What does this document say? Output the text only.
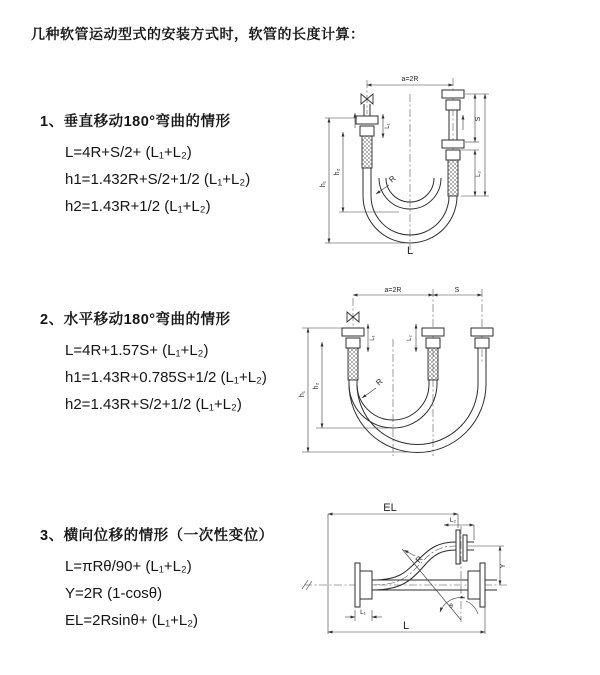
几种软管运动型式的安装方式时，软管的长度计算：
1、垂直移动180°弯曲的情形
L=4R+S/2+ (L₁+L₂)
h1=1.432R+S/2+1/2 (L₁+L₂)
h2=1.43R+1/2 (L₁+L₂)
a=2R
h₁
h₂
L₁
S
L₂
R
L
2、水平移动180°弯曲的情形
L=4R+1.57S+ (L₁+L₂)
h1=1.43R+0.785S+1/2 (L₁+L₂)
h2=1.43R+S/2+1/2 (L₁+L₂)
a=2R	S
h₁
h₂
L₁	L₂
R
3、横向位移的情形（一次性变位）
L=πRθ/90+ (L₁+L₂)
Y=2R (1-cosθ)
EL=2Rsinθ+ (L₁+L₂)
θ
R
EL
L₂
Y
L₁
L
